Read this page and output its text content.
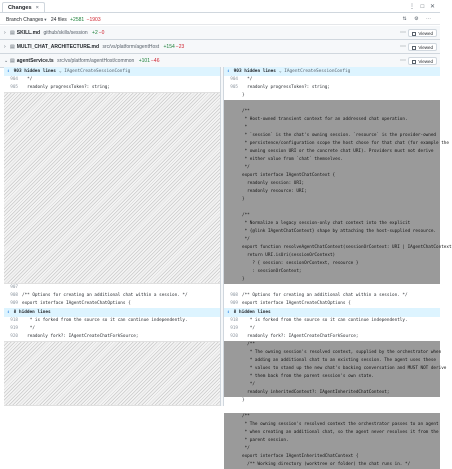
Changes ×	⋮ □ ✕
Branch Changes▾ 24 files +2581 −1903	⇅ ⚙ ⋯
› ▤ SKILL.md github/skills/session +2−0	⋯	Viewed
› ▤ MULTI_CHAT_ARCHITECTURE.md src/vs/platform/agentHost +154−23	⋯	Viewed
⌄ ▤ agentService.ts src/vs/platform/agentHost/common +101−46	⋯	Viewed
⇕ 903 hidden lines ⌄ IAgentCreateSessionConfig
904  */
905  readonly progressToken?: string;
907
908 /** Options for creating an additional chat within a session. */
909 export interface IAgentCreateChatOptions {
⇕ 8 hidden lines
918   * is forked from the source so it can continue independently.
919   */
920  readonly fork?: IAgentCreateChatForkSource;
⇕ 903 hidden lines ⌄ IAgentCreateSessionConfig
904  */
905  readonly progressToken?: string;
}
/**
* Host-owned transient context for an addressed chat operation.
*
* `session` is the chat's owning session. `resource` is the provider-owned
* persistence/configuration scope the host chose for that chat (for example the
* owning session URI or the concrete chat URI). Providers must not derive
* either value from `chat` themselves.
*/
export interface IAgentChatContext {
readonly session: URI;
readonly resource: URI;
}
/**
* Normalize a legacy session-only chat context into the explicit
* {@link IAgentChatContext} shape by attaching the host-supplied resource.
*/
export function resolveAgentChatContext(sessionOrContext: URI | IAgentChatContext
return URI.isUri(sessionOrContext)
? { session: sessionOrContext, resource }
: sessionOrContext;
}
908 /** Options for creating an additional chat within a session. */
909 export interface IAgentCreateChatOptions {
⇕ 8 hidden lines
918   * is forked from the source so it can continue independently.
919   */
920  readonly fork?: IAgentCreateChatForkSource;
/**
* The owning session's resolved context, supplied by the orchestrator when
* adding an additional chat to an existing session. The agent uses these
* values to stand up the new chat's backing conversation and MUST NOT derive
* them back from the parent session's own state.
*/
readonly inheritedContext?: IAgentInheritedChatContext;
}
/**
* The owning session's resolved context the orchestrator passes to an agent
* when creating an additional chat, so the agent never resolves it from the
* parent session.
*/
export interface IAgentInheritedChatContext {
/** Working directory (worktree or folder) the chat runs in. */
